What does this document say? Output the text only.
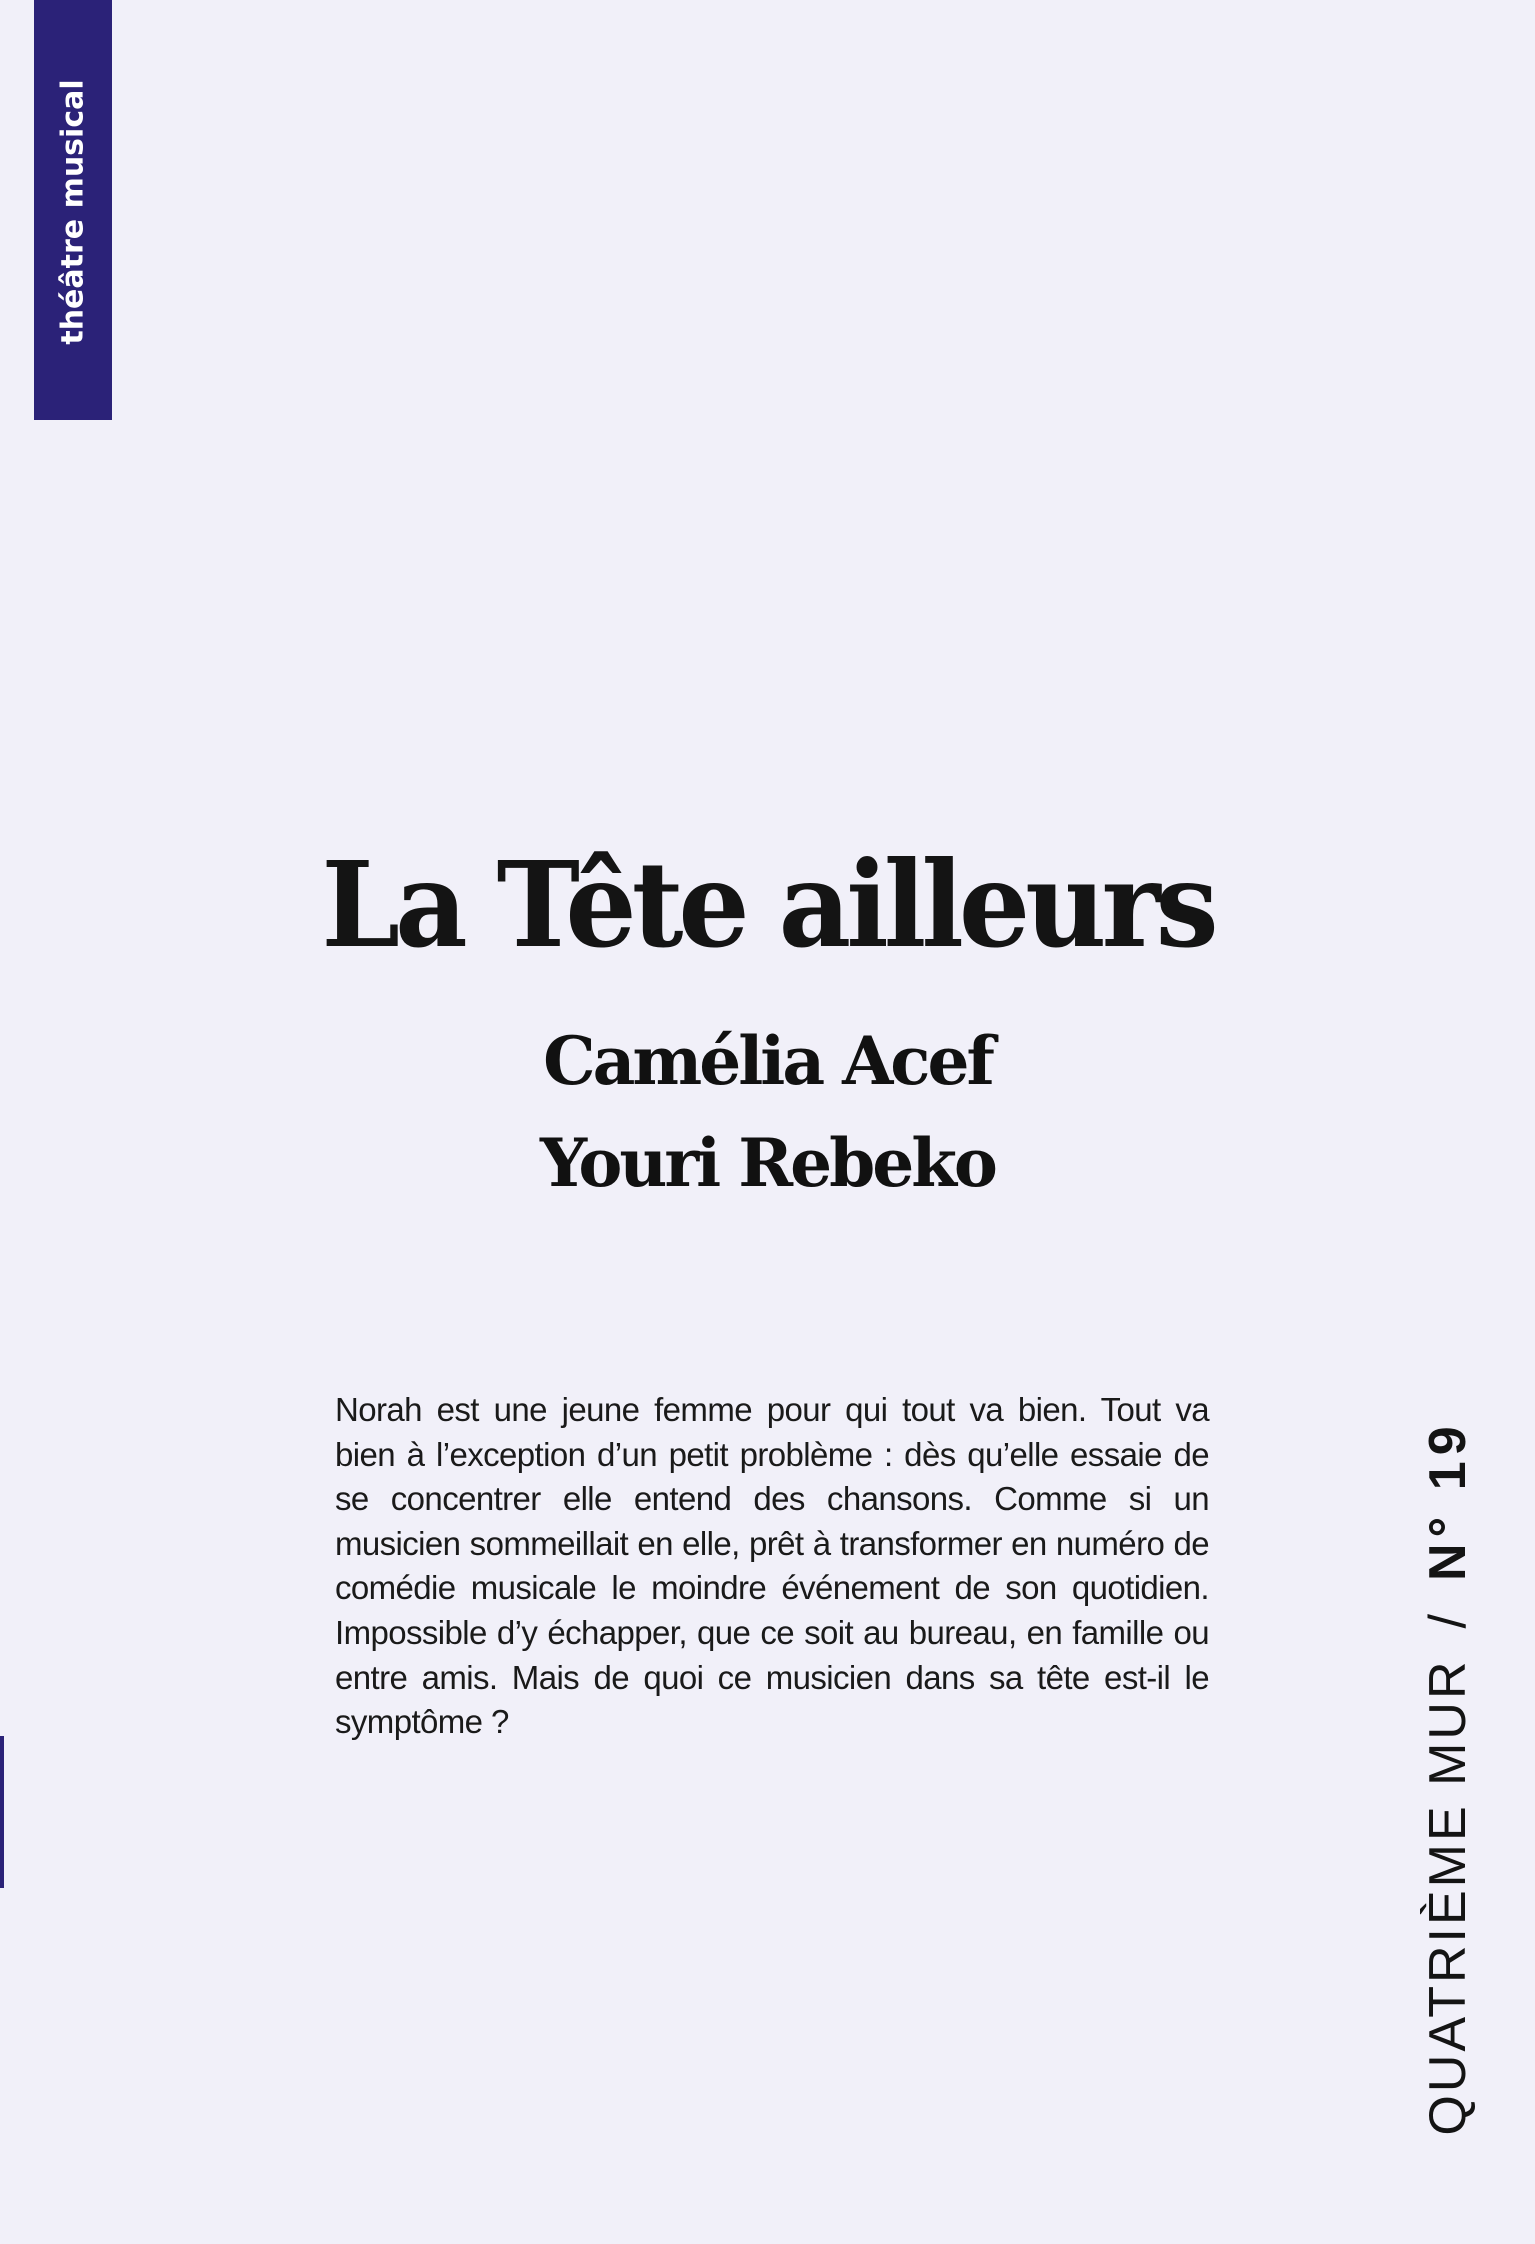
théâtre musical
La Tête ailleurs
Camélia Acef
Youri Rebeko

Norah est une jeune femme pour qui tout va bien. Tout va bien à l’exception d’un petit problème : dès qu’elle essaie de se concentrer elle entend des chansons. Comme si un musicien sommeillait en elle, prêt à transformer en numéro de comédie musicale le moindre événement de son quotidien. Impossible d’y échapper, que ce soit au bureau, en famille ou entre amis. Mais de quoi ce musicien dans sa tête est-il le symptôme ?	QUATRIÈME MUR/N° 19
